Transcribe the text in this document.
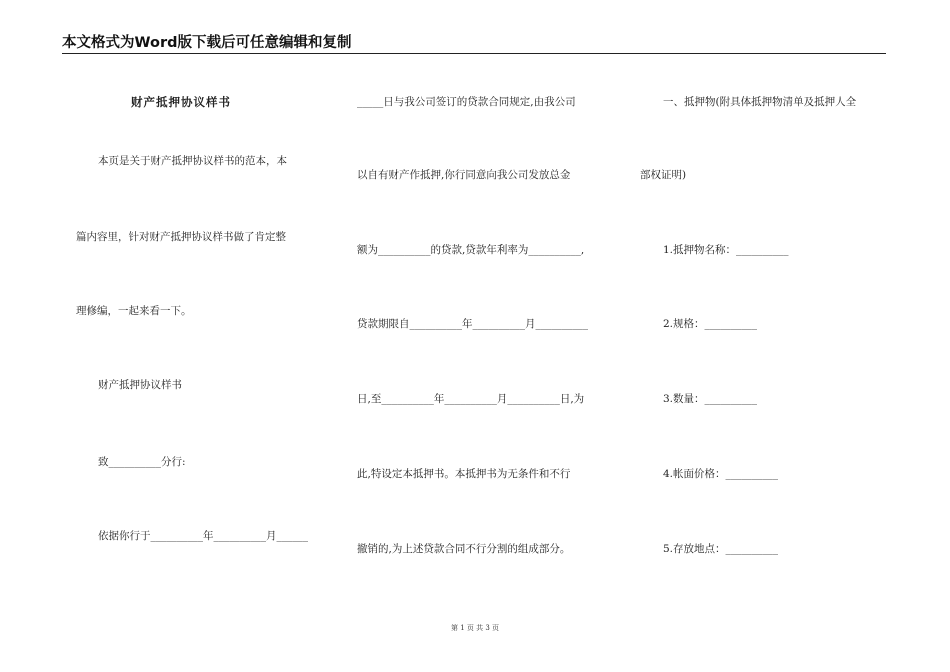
本文格式为Word版下载后可任意编辑和复制
财产抵押协议样书
本页是关于财产抵押协议样书的范本，本
篇内容里，针对财产抵押协议样书做了肯定整
理修编，一起来看一下。
财产抵押协议样书
致__________分行:
依据你行于__________年__________月______
_____日与我公司签订的贷款合同规定,由我公司
以自有财产作抵押,你行同意向我公司发放总金
额为__________的贷款,贷款年利率为__________,
贷款期限自__________年__________月__________
日,至__________年__________月__________日,为
此,特设定本抵押书。本抵押书为无条件和不行
撤销的,为上述贷款合同不行分割的组成部分。
一、抵押物(附具体抵押物清单及抵押人全
部权证明)
1.抵押物名称：__________
2.规格：__________
3.数量：__________
4.帐面价格：__________
5.存放地点：__________
第 1 页 共 3 页
